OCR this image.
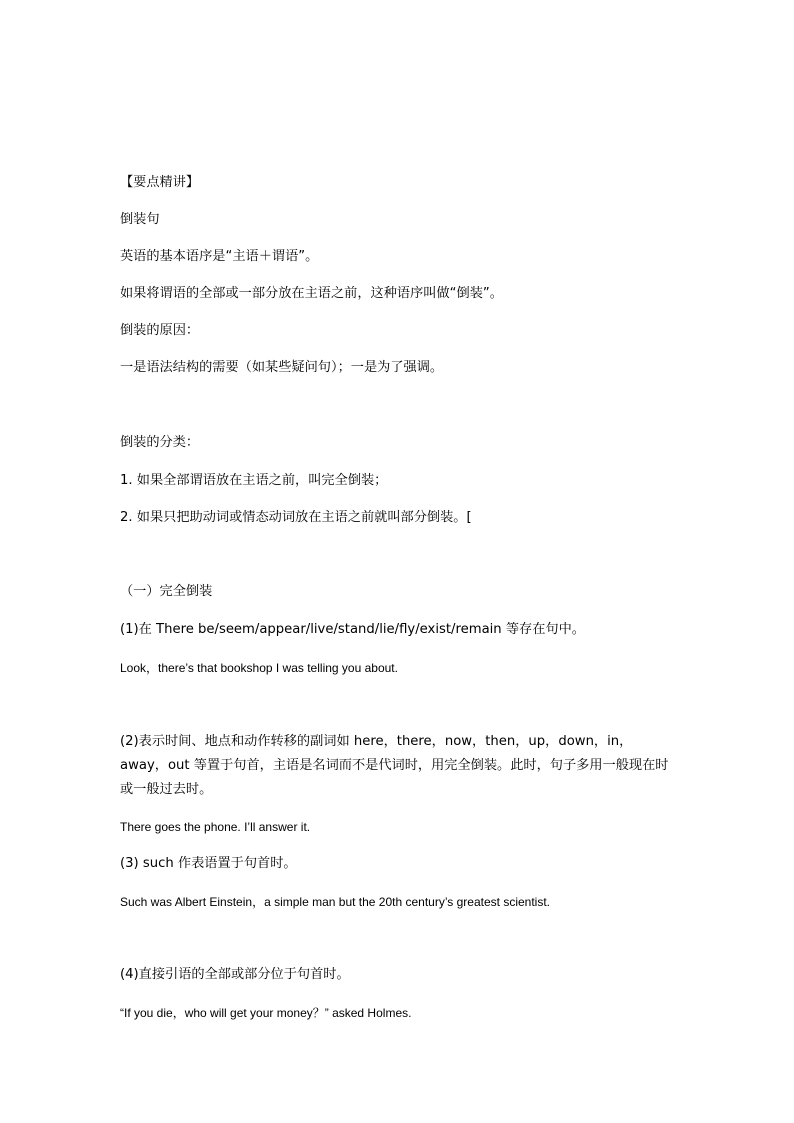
【要点精讲】
倒装句
英语的基本语序是“主语＋谓语”。
如果将谓语的全部或一部分放在主语之前，这种语序叫做“倒装”。
倒装的原因：
一是语法结构的需要（如某些疑问句）；一是为了强调。
倒装的分类：
1. 如果全部谓语放在主语之前，叫完全倒装；
2. 如果只把助动词或情态动词放在主语之前就叫部分倒装。[
（一）完全倒装
(1)在 There be/seem/appear/live/stand/lie/fly/exist/remain 等存在句中。
Look，there’s that bookshop I was telling you about.
(2)表示时间、地点和动作转移的副词如 here，there，now，then，up，down，in，away，out 等置于句首，主语是名词而不是代词时，用完全倒装。此时，句子多用一般现在时或一般过去时。
There goes the phone. I’ll answer it.
(3) such 作表语置于句首时。
Such was Albert Einstein，a simple man but the 20th century’s greatest scientist.
(4)直接引语的全部或部分位于句首时。
“If you die，who will get your money？” asked Holmes.
